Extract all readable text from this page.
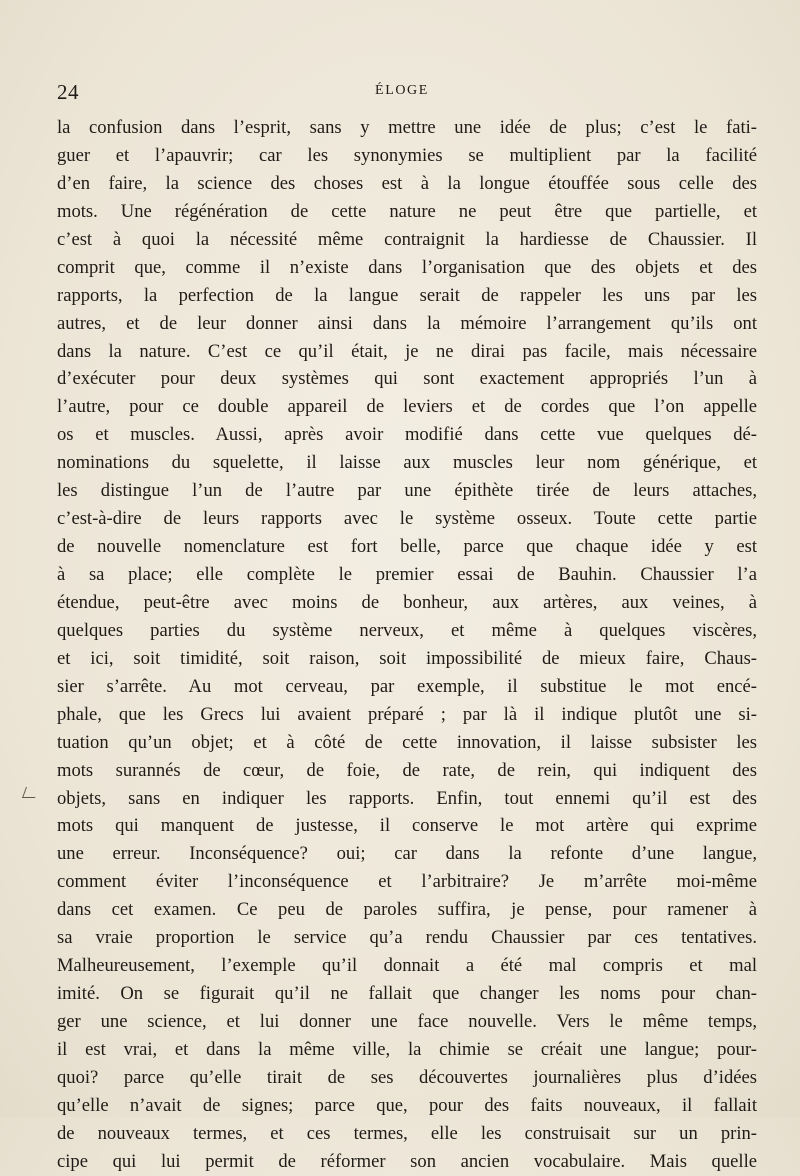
24	ÉLOGE
la confusion dans l’esprit, sans y mettre une idée de plus; c’est le fati-
guer et l’apauvrir; car les synonymies se multiplient par la facilité
d’en faire, la science des choses est à la longue étouffée sous celle des
mots. Une régénération de cette nature ne peut être que partielle, et
c’est à quoi la nécessité même contraignit la hardiesse de Chaussier. Il
comprit que, comme il n’existe dans l’organisation que des objets et des
rapports, la perfection de la langue serait de rappeler les uns par les
autres, et de leur donner ainsi dans la mémoire l’arrangement qu’ils ont
dans la nature. C’est ce qu’il était, je ne dirai pas facile, mais nécessaire
d’exécuter pour deux systèmes qui sont exactement appropriés l’un à
l’autre, pour ce double appareil de leviers et de cordes que l’on appelle
os et muscles. Aussi, après avoir modifié dans cette vue quelques dé-
nominations du squelette, il laisse aux muscles leur nom générique, et
les distingue l’un de l’autre par une épithète tirée de leurs attaches,
c’est-à-dire de leurs rapports avec le système osseux. Toute cette partie
de nouvelle nomenclature est fort belle, parce que chaque idée y est
à sa place; elle complète le premier essai de Bauhin. Chaussier l’a
étendue, peut-être avec moins de bonheur, aux artères, aux veines, à
quelques parties du système nerveux, et même à quelques viscères,
et ici, soit timidité, soit raison, soit impossibilité de mieux faire, Chaus-
sier s’arrête. Au mot cerveau, par exemple, il substitue le mot encé-
phale, que les Grecs lui avaient préparé ; par là il indique plutôt une si-
tuation qu’un objet; et à côté de cette innovation, il laisse subsister les
mots surannés de cœur, de foie, de rate, de rein, qui indiquent des
objets, sans en indiquer les rapports. Enfin, tout ennemi qu’il est des
mots qui manquent de justesse, il conserve le mot artère qui exprime
une erreur. Inconséquence? oui; car dans la refonte d’une langue,
comment éviter l’inconséquence et l’arbitraire? Je m’arrête moi-même
dans cet examen. Ce peu de paroles suffira, je pense, pour ramener à
sa vraie proportion le service qu’a rendu Chaussier par ces tentatives.
Malheureusement, l’exemple qu’il donnait a été mal compris et mal
imité. On se figurait qu’il ne fallait que changer les noms pour chan-
ger une science, et lui donner une face nouvelle. Vers le même temps,
il est vrai, et dans la même ville, la chimie se créait une langue; pour-
quoi? parce qu’elle tirait de ses découvertes journalières plus d’idées
qu’elle n’avait de signes; parce que, pour des faits nouveaux, il fallait
de nouveaux termes, et ces termes, elle les construisait sur un prin-
cipe qui lui permit de réformer son ancien vocabulaire. Mais quelle
